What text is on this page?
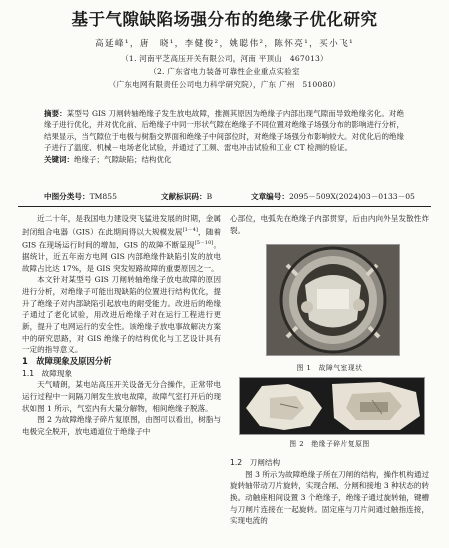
基于气隙缺陷场强分布的绝缘子优化研究
高延峰¹，唐　晓¹，李健俊²，姚聪伟²，陈怀亮¹，买小飞¹
（1. 河南平芝高压开关有限公司，河南 平顶山　467013）
（2. 广东省电力装备可靠性企业重点实验室
（广东电网有限责任公司电力科学研究院），广东 广州　510080）
摘要：某型号 GIS 刀闸转轴绝缘子发生放电故障，推测其原因为绝缘子内部出现气隙而导致绝缘劣化。对绝缘子进行优化，并对优化前、后绝缘子中同一形状气隙在绝缘子不同位置对绝缘子场强分布的影响进行分析，结果显示，当气隙位于电极与树脂交界面和绝缘子中间部位时，对绝缘子场强分布影响较大。对优化后的绝缘子进行了温度、机械－电场老化试验，并通过了工频、雷电冲击试验和工业 CT 检测的验证。
关键词：绝缘子；气隙缺陷；结构优化
中图分类号：TM855	文献标识码：B	文章编号：2095－509X(2024)03－0133－05

近二十年，是我国电力建设突飞猛进发展的时期，金属封闭组合电器（GIS）在此期间得以大规模发展[1－4]，随着 GIS 在现场运行时间的增加，GIS 的故障不断显现[5－10]。据统计，近五年南方电网 GIS 内部绝缘件缺陷引发的放电故障占比达 17%，是 GIS 突发短路故障的重要原因之一。

本文针对某型号 GIS 刀闸转轴绝缘子放电故障的原因进行分析，对绝缘子可能出现缺陷的位置进行结构优化，提升了绝缘子对内部缺陷引起放电的耐受能力。改进后的绝缘子通过了老化试验，用改进后绝缘子对在运行工程进行更新，提升了电网运行的安全性。该绝缘子放电事故解决方案中的研究思路，对 GIS 绝缘子的结构优化与工艺设计具有一定的指导意义。

1　故障现象及原因分析

1.1　故障现象

天气晴朗，某电站高压开关设备无分合操作，正常带电运行过程中一间隔刀闸发生放电故障，故障气室打开后的现状如图 1 所示，气室内有大量分解物，相间绝缘子脱落。

图 2 为故障绝缘子碎片复原图，由图可以看出，树脂与电极完全脱开，放电通道位于绝缘子中

心部位，电弧先在绝缘子内部贯穿，后由内向外呈发散性炸裂。

图 1　故障气室现状
图 2　绝缘子碎片复原图

1.2　刀闸结构

图 3 所示为故障绝缘子所在刀闸的结构，操作机构通过旋转轴带动刀片旋转，实现合闸、分闸和接地 3 种状态的转换。动触座相间设置 3 个绝缘子，绝缘子通过旋转轴，键槽与刀闸片连接在一起旋转。固定座与刀片间通过触指连接，实现电流的
